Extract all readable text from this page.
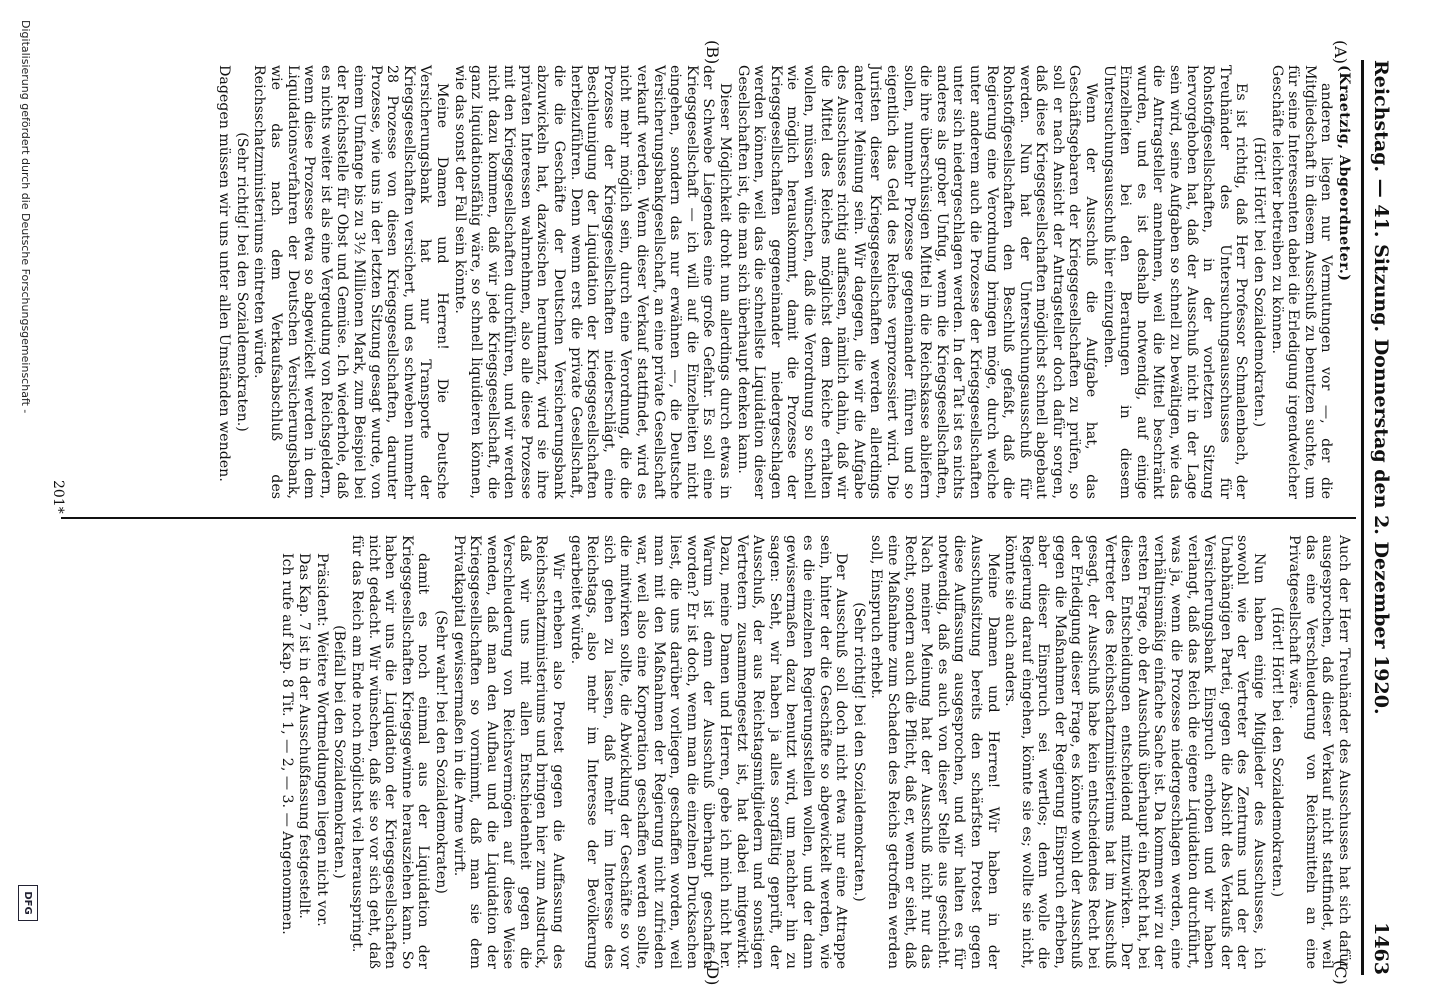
Reichstag. — 41. Sitzung. Donnerstag den 2. Dezember 1920.
1463
(A)
(B)
(C)
(D)

(Kraetzig, Abgeordneter.)

anderen liegen nur Vermutungen vor —, der die Mitgliedschaft in diesem Ausschuß zu benutzen suchte, um für seine Interessenten dabei die Erledigung irgendwelcher Geschäfte leichter betreiben zu können.

(Hört! Hört! bei den Sozialdemokraten.)

Es ist richtig, daß Herr Professor Schmalenbach, der Treuhänder des Untersuchungsausschusses für Rohstoffgesellschaften, in der vorletzten Sitzung hervorgehoben hat, daß der Ausschuß nicht in der Lage sein wird, seine Aufgaben so schnell zu bewältigen, wie das die Antragsteller annehmen, weil die Mittel beschränkt wurden, und es ist deshalb notwendig, auf einige Einzelheiten bei den Beratungen in diesem Untersuchungsausschuß hier einzugehen.

Wenn der Ausschuß die Aufgabe hat, das Geschäftsgebaren der Kriegsgesellschaften zu prüfen, so soll er nach Ansicht der Antragsteller doch dafür sorgen, daß diese Kriegsgesellschaften möglichst schnell abgebaut werden. Nun hat der Untersuchungsausschuß für Rohstoffgesellschaften den Beschluß gefaßt, daß die Regierung eine Verordnung bringen möge, durch welche unter anderem auch die Prozesse der Kriegsgesellschaften unter sich niedergeschlagen werden. In der Tat ist es nichts anderes als grober Unfug, wenn die Kriegsgesellschaften, die ihre überschüssigen Mittel in die Reichskasse abliefern sollen, nunmehr Prozesse gegeneinander führen und so eigentlich das Geld des Reiches verprozessiert wird. Die Juristen dieser Kriegsgesellschaften werden allerdings anderer Meinung sein. Wir dagegen, die wir die Aufgabe des Ausschusses richtig auffassen, nämlich dahin, daß wir die Mittel des Reiches möglichst dem Reiche erhalten wollen, müssen wünschen, daß die Verordnung so schnell wie möglich herauskommt, damit die Prozesse der Kriegsgesellschaften gegeneinander niedergeschlagen werden können, weil das die schnellste Liquidation dieser Gesellschaften ist, die man sich überhaupt denken kann.

Dieser Möglichkeit droht nun allerdings durch etwas in der Schwebe Liegendes eine große Gefahr. Es soll eine Kriegsgesellschaft — ich will auf die Einzelheiten nicht eingehen, sondern das nur erwähnen —, die Deutsche Versicherungsbankgesellschaft, an eine private Gesellschaft verkauft werden. Wenn dieser Verkauf stattfindet, wird es nicht mehr möglich sein, durch eine Verordnung, die die Prozesse der Kriegsgesellschaften niederschlägt, eine Beschleunigung der Liquidation der Kriegsgesellschaften herbeizuführen. Denn wenn erst die private Gesellschaft, die die Geschäfte der Deutschen Versicherungsbank abzuwickeln hat, dazwischen herumtanzt, wird sie ihre privaten Interessen wahrnehmen, also alle diese Prozesse mit den Kriegsgesellschaften durchführen, und wir werden nicht dazu kommen, daß wir jede Kriegsgesellschaft, die ganz liquidationsfähig wäre, so schnell liquidieren können, wie das sonst der Fall sein könnte.

Meine Damen und Herren! Die Deutsche Versicherungsbank hat nur Transporte der Kriegsgesellschaften versichert, und es schweben nunmehr 28 Prozesse von diesen Kriegsgesellschaften, darunter Prozesse, wie uns in der letzten Sitzung gesagt wurde, von einem Umfange bis zu 3½ Millionen Mark, zum Beispiel bei der Reichsstelle für Obst und Gemüse. Ich wiederhole, daß es nichts weiter ist als eine Vergeudung von Reichsgeldern, wenn diese Prozesse etwa so abgewickelt werden in dem Liquidationsverfahren der Deutschen Versicherungsbank, wie das nach dem Verkaufsabschluß des Reichsschatzministeriums eintreten würde.

(Sehr richtig! bei den Sozialdemokraten.)

Dagegen müssen wir uns unter allen Umständen wenden.

Auch der Herr Treuhänder des Ausschusses hat sich dafür ausgesprochen, daß dieser Verkauf nicht stattfindet, weil das eine Verschleuderung von Reichsmitteln an eine Privatgesellschaft wäre.

(Hört! Hört! bei den Sozialdemokraten.)

Nun haben einige Mitglieder des Ausschusses, ich sowohl wie der Vertreter des Zentrums und der der Unabhängigen Partei, gegen die Absicht des Verkaufs der Versicherungsbank Einspruch erhoben und wir haben verlangt, daß das Reich die eigene Liquidation durchführt, was ja, wenn die Prozesse niedergeschlagen werden, eine verhältnismäßig einfache Sache ist. Da kommen wir zu der ersten Frage, ob der Ausschuß überhaupt ein Recht hat, bei diesen Entscheidungen entscheidend mitzuwirken. Der Vertreter des Reichsschatzministeriums hat im Ausschuß gesagt, der Ausschuß habe kein entscheidendes Recht bei der Erledigung dieser Frage, es könnte wohl der Ausschuß gegen die Maßnahmen der Regierung Einspruch erheben, aber dieser Einspruch sei wertlos; denn wolle die Regierung darauf eingehen, könnte sie es; wollte sie nicht, könnte sie auch anders.

Meine Damen und Herren! Wir haben in der Ausschußsitzung bereits den schärfsten Protest gegen diese Auffassung ausgesprochen, und wir halten es für notwendig, daß es auch von dieser Stelle aus geschieht. Nach meiner Meinung hat der Ausschuß nicht nur das Recht, sondern auch die Pflicht, daß er, wenn er sieht, daß eine Maßnahme zum Schaden des Reichs getroffen werden soll, Einspruch erhebt.

(Sehr richtig! bei den Sozialdemokraten.)

Der Ausschuß soll doch nicht etwa nur eine Attrappe sein, hinter der die Geschäfte so abgewickelt werden, wie es die einzelnen Regierungsstellen wollen, und der dann gewissermaßen dazu benutzt wird, um nachher hin zu sagen: Seht, wir haben ja alles sorgfältig geprüft, der Ausschuß, der aus Reichstagsmitgliedern und sonstigen Vertretern zusammengesetzt ist, hat dabei mitgewirkt. Dazu, meine Damen und Herren, gebe ich mich nicht her. Warum ist denn der Ausschuß überhaupt geschaffen worden? Er ist doch, wenn man die einzelnen Drucksachen liest, die uns darüber vorliegen, geschaffen worden, weil man mit den Maßnahmen der Regierung nicht zufrieden war, weil also eine Korporation geschaffen werden sollte, die mitwirken sollte, die Abwicklung der Geschäfte so vor sich gehen zu lassen, daß mehr im Interesse des Reichstags, also mehr im Interesse der Bevölkerung gearbeitet würde.

Wir erheben also Protest gegen die Auffassung des Reichsschatzministeriums und bringen hier zum Ausdruck, daß wir uns mit allen Entschiedenheit gegen die Verschleuderung von Reichsvermögen auf diese Weise wenden, daß man den Aufbau und die Liquidation der Kriegsgesellschaften so vornimmt, daß man sie dem Privatkapital gewissermaßen in die Arme wirft.

(Sehr wahr! bei den Sozialdemokraten)

damit es noch einmal aus der Liquidation der Kriegsgesellschaften Kriegsgewinne herausziehen kann. So haben wir uns die Liquidation der Kriegsgesellschaften nicht gedacht. Wir wünschen, daß sie so vor sich geht, daß für das Reich am Ende noch möglichst viel herausspringt.

(Beifall bei den Sozialdemokraten.)

Präsident: Weitere Wortmeldungen liegen nicht vor.

Das Kap. 7 ist in der Ausschußfassung festgestellt.

Ich rufe auf Kap. 8 Tit. 1, — 2, — 3. — Angenommen.

201*
Digitalisierung gefördert durch die Deutsche Forschungsgemeinschaft -
DFG
